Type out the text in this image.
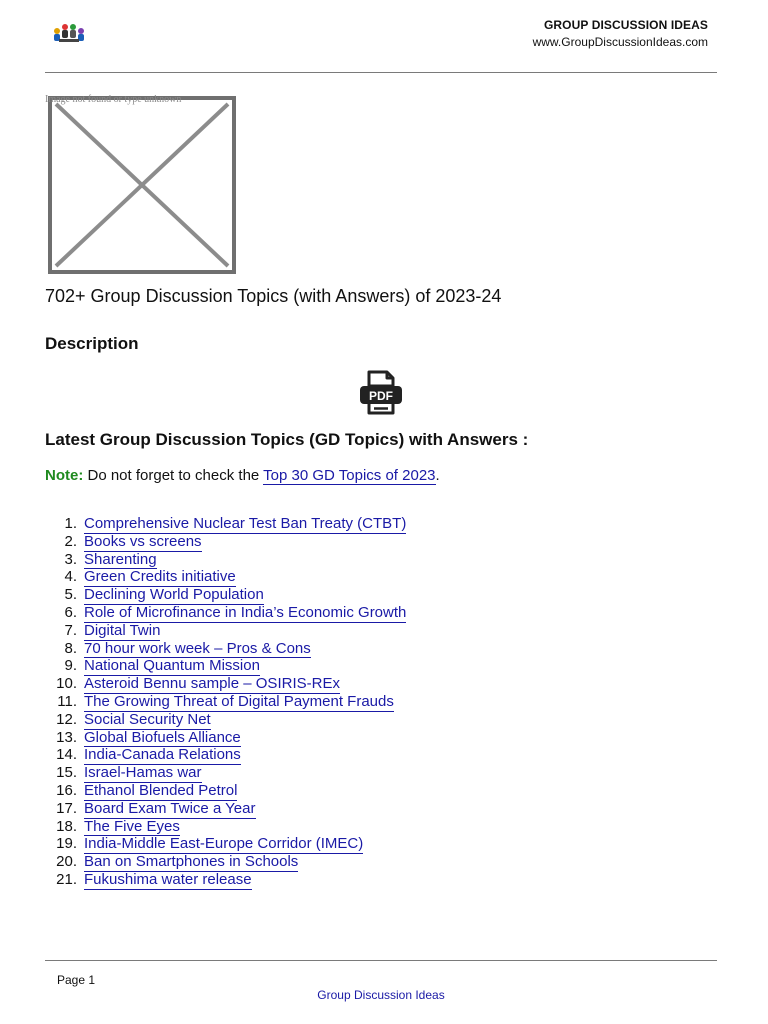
GROUP DISCUSSION IDEAS
www.GroupDiscussionIdeas.com
Image not found or type unknown
702+ Group Discussion Topics (with Answers) of 2023-24
Description
PDF
Latest Group Discussion Topics (GD Topics) with Answers :
Note: Do not forget to check the Top 30 GD Topics of 2023.
1. Comprehensive Nuclear Test Ban Treaty (CTBT)
2. Books vs screens
3. Sharenting
4. Green Credits initiative
5. Declining World Population
6. Role of Microfinance in India’s Economic Growth
7. Digital Twin
8. 70 hour work week – Pros & Cons
9. National Quantum Mission
10. Asteroid Bennu sample – OSIRIS-REx
11. The Growing Threat of Digital Payment Frauds
12. Social Security Net
13. Global Biofuels Alliance
14. India-Canada Relations
15. Israel-Hamas war
16. Ethanol Blended Petrol
17. Board Exam Twice a Year
18. The Five Eyes
19. India-Middle East-Europe Corridor (IMEC)
20. Ban on Smartphones in Schools
21. Fukushima water release
Page 1
Group Discussion Ideas
